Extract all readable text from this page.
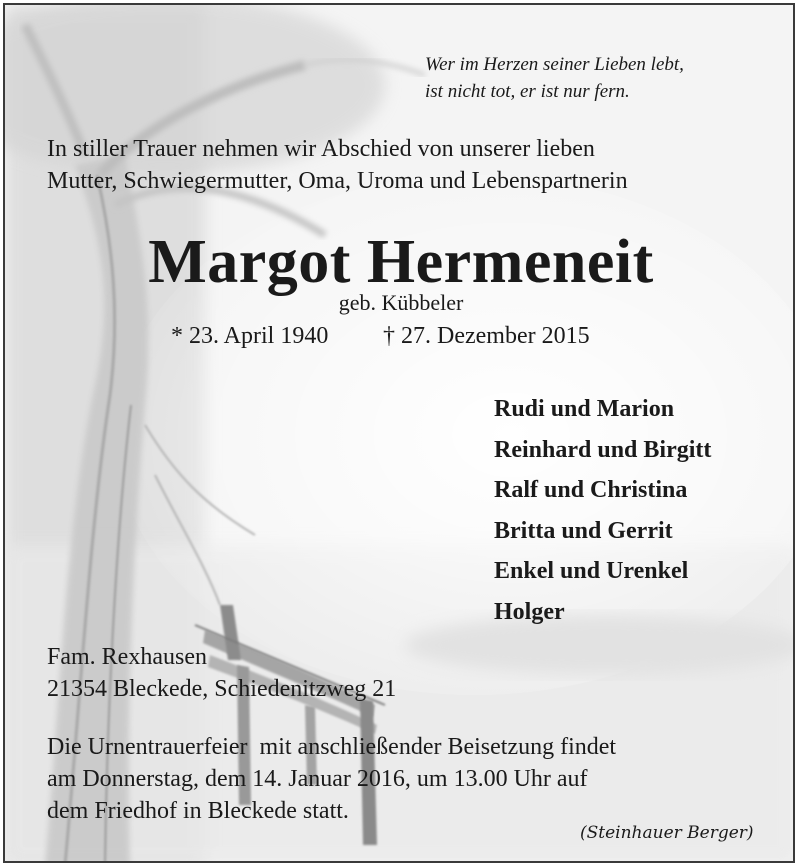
Wer im Herzen seiner Lieben lebt,
ist nicht tot, er ist nur fern.
In stiller Trauer nehmen wir Abschied von unserer lieben
Mutter, Schwiegermutter, Oma, Uroma und Lebenspartnerin
Margot Hermeneit
geb. Kübbeler
* 23. April 1940 † 27. Dezember 2015
Rudi und Marion
Reinhard und Birgitt
Ralf und Christina
Britta und Gerrit
Enkel und Urenkel
Holger
Fam. Rexhausen
21354 Bleckede, Schiedenitzweg 21
Die Urnentrauerfeier  mit anschließender Beisetzung findet
am Donnerstag, dem 14. Januar 2016, um 13.00 Uhr auf
dem Friedhof in Bleckede statt.
(Steinhauer Berger)
